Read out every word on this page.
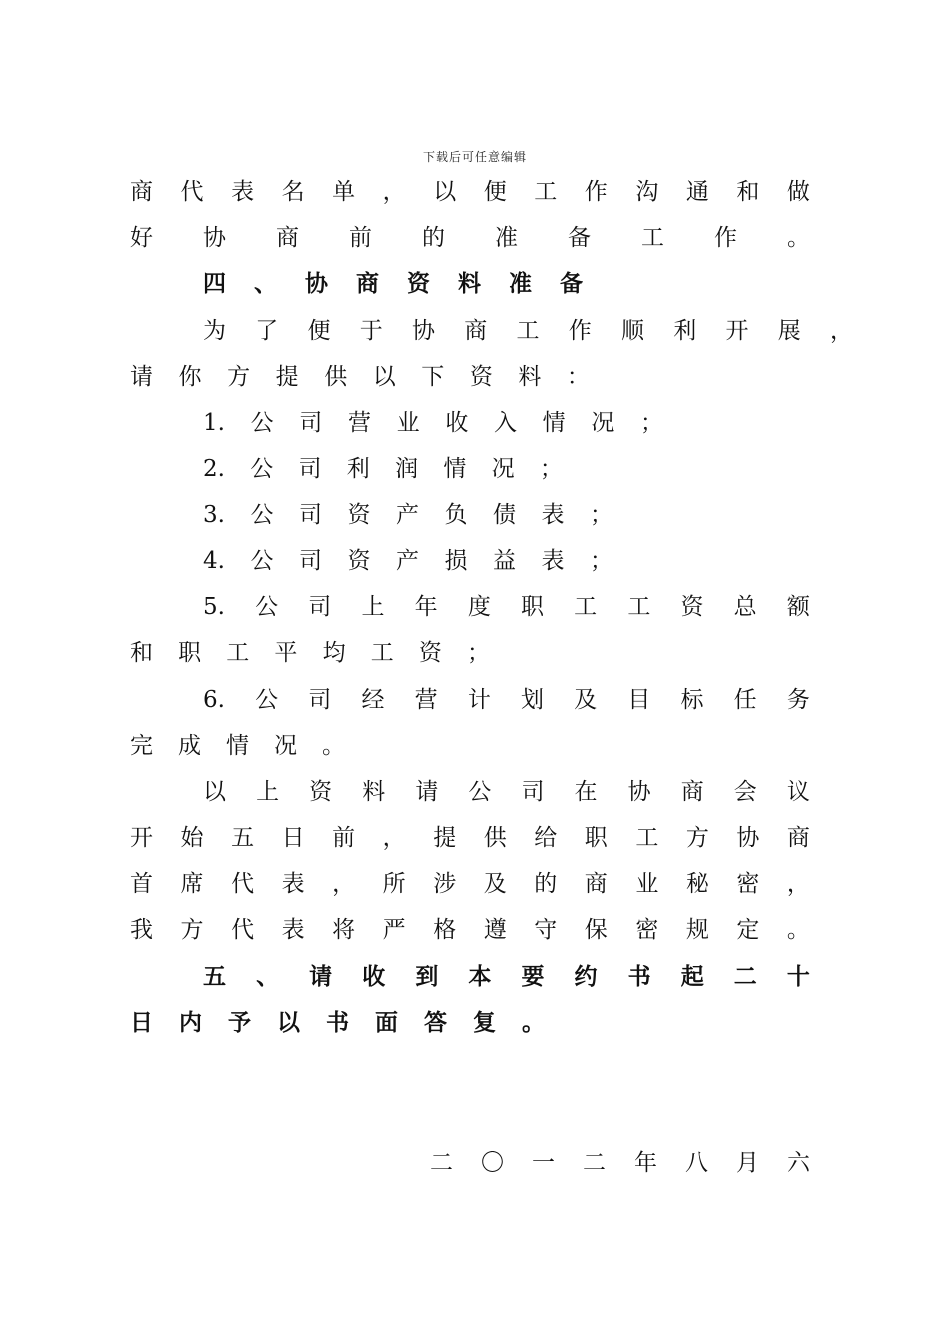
下载后可任意编辑
商 代 表 名 单 ， 以 便 工 作 沟 通 和 做
好 协 商 前 的 准 备 工 作 。
四 、 协 商 资 料 准 备
为 了 便 于 协 商 工 作 顺 利 开 展 ，
请 你 方 提 供 以 下 资 料 ：
1. 公 司 营 业 收 入 情 况 ；
2. 公 司 利 润 情 况 ；
3. 公 司 资 产 负 债 表 ；
4. 公 司 资 产 损 益 表 ；
5. 公 司 上 年 度 职 工 工 资 总 额
和 职 工 平 均 工 资 ；
6. 公 司 经 营 计 划 及 目 标 任 务
完 成 情 况 。
以 上 资 料 请 公 司 在 协 商 会 议
开 始 五 日 前 ， 提 供 给 职 工 方 协 商
首 席 代 表 ， 所 涉 及 的 商 业 秘 密 ，
我 方 代 表 将 严 格 遵 守 保 密 规 定 。
五 、 请 收 到 本 要 约 书 起 二 十
日 内 予 以 书 面 答 复 。
二 〇 一 二 年 八 月 六
